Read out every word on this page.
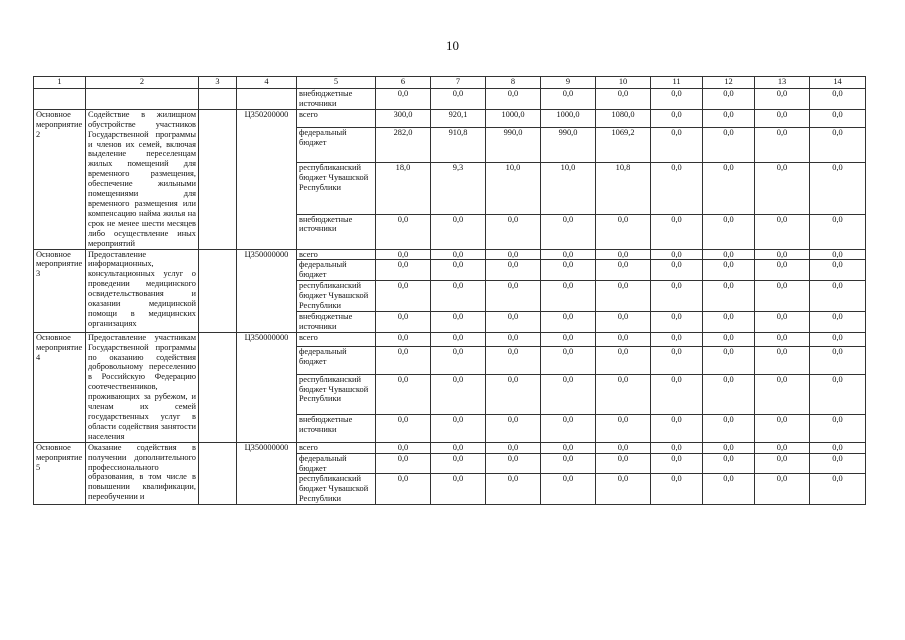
10
1	2	3	4	5	6	7	8	9	10	11	12	13	14
				внебюджетные источники	0,0	0,0	0,0	0,0	0,0	0,0	0,0	0,0	0,0
Основное мероприятие 2	Содействие в жилищном обустройстве участников Государственной программы и членов их семей, включая выделение переселенцам жилых помещений для временного размещения, обеспечение жильными помещениями для временного размещения или компенсацию найма жилья на срок не менее шести месяцев либо осуществление иных мероприятий		Ц350200000	всего	300,0	920,1	1000,0	1000,0	1080,0	0,0	0,0	0,0	0,0
				федеральный бюджет	282,0	910,8	990,0	990,0	1069,2	0,0	0,0	0,0	0,0
				республиканский бюджет Чувашской Республики	18,0	9,3	10,0	10,0	10,8	0,0	0,0	0,0	0,0
				внебюджетные источники	0,0	0,0	0,0	0,0	0,0	0,0	0,0	0,0	0,0
Основное мероприятие 3	Предоставление информационных, консультационных услуг о проведении медицинского освидетельствования и оказании медицинской помощи в медицинских организациях		Ц350000000	всего	0,0	0,0	0,0	0,0	0,0	0,0	0,0	0,0	0,0
				федеральный бюджет	0,0	0,0	0,0	0,0	0,0	0,0	0,0	0,0	0,0
				республиканский бюджет Чувашской Республики	0,0	0,0	0,0	0,0	0,0	0,0	0,0	0,0	0,0
				внебюджетные источники	0,0	0,0	0,0	0,0	0,0	0,0	0,0	0,0	0,0
Основное мероприятие 4	Предоставление участникам Государственной программы по оказанию содействия добровольному переселению в Российскую Федерацию соотечественников, проживающих за рубежом, и членам их семей государственных услуг в области содействия занятости населения		Ц350000000	всего	0,0	0,0	0,0	0,0	0,0	0,0	0,0	0,0	0,0
				федеральный бюджет	0,0	0,0	0,0	0,0	0,0	0,0	0,0	0,0	0,0
				республиканский бюджет Чувашской Республики	0,0	0,0	0,0	0,0	0,0	0,0	0,0	0,0	0,0
				внебюджетные источники	0,0	0,0	0,0	0,0	0,0	0,0	0,0	0,0	0,0
Основное мероприятие 5	Оказание содействия в получении дополнительного профессионального образования, в том числе в повышении квалификации, переобучении и		Ц350000000	всего	0,0	0,0	0,0	0,0	0,0	0,0	0,0	0,0	0,0
				федеральный бюджет	0,0	0,0	0,0	0,0	0,0	0,0	0,0	0,0	0,0
				республиканский бюджет Чувашской Республики	0,0	0,0	0,0	0,0	0,0	0,0	0,0	0,0	0,0
